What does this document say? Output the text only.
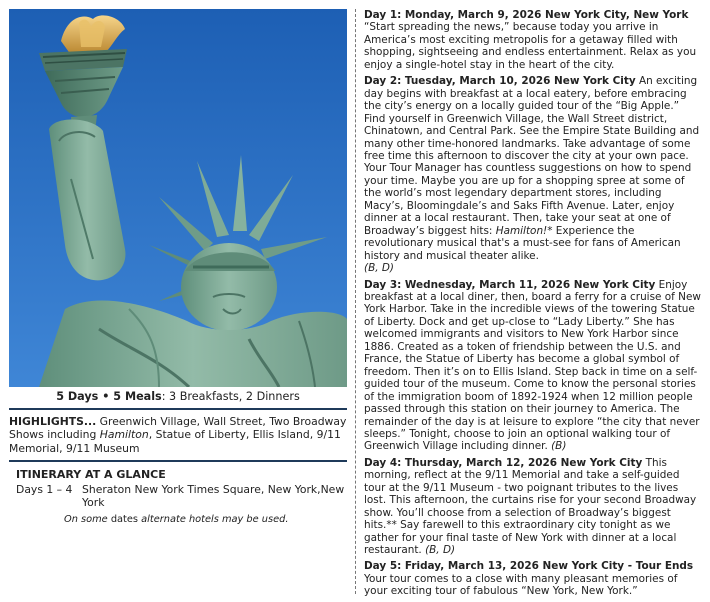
5 Days • 5 Meals: 3 Breakfasts, 2 Dinners
HIGHLIGHTS... Greenwich Village, Wall Street, Two Broadway Shows including Hamilton, Statue of Liberty, Ellis Island, 9/11 Memorial, 9/11 Museum
ITINERARY AT A GLANCE
Days 1 – 4 Sheraton New York Times Square, New York,New York
On some dates alternate hotels may be used.
Day 1: Monday, March 9, 2026 New York City, New York “Start spreading the news,” because today you arrive in America’s most exciting metropolis for a getaway filled with shopping, sightseeing and endless entertainment. Relax as you enjoy a single-hotel stay in the heart of the city.
Day 2: Tuesday, March 10, 2026 New York City An exciting day begins with breakfast at a local eatery, before embracing the city’s energy on a locally guided tour of the “Big Apple.” Find yourself in Greenwich Village, the Wall Street district, Chinatown, and Central Park. See the Empire State Building and many other time-honored landmarks. Take advantage of some free time this afternoon to discover the city at your own pace. Your Tour Manager has countless suggestions on how to spend your time. Maybe you are up for a shopping spree at some of the world’s most legendary department stores, including Macy’s, Bloomingdale’s and Saks Fifth Avenue. Later, enjoy dinner at a local restaurant. Then, take your seat at one of Broadway’s biggest hits: Hamilton!* Experience the revolutionary musical that's a must-see for fans of American history and musical theater alike.
(B, D)
Day 3: Wednesday, March 11, 2026 New York City Enjoy breakfast at a local diner, then, board a ferry for a cruise of New York Harbor. Take in the incredible views of the towering Statue of Liberty. Dock and get up-close to “Lady Liberty.” She has welcomed immigrants and visitors to New York Harbor since 1886. Created as a token of friendship between the U.S. and France, the Statue of Liberty has become a global symbol of freedom. Then it’s on to Ellis Island. Step back in time on a self-guided tour of the museum. Come to know the personal stories of the immigration boom of 1892-1924 when 12 million people passed through this station on their journey to America. The remainder of the day is at leisure to explore “the city that never sleeps.” Tonight, choose to join an optional walking tour of Greenwich Village including dinner. (B)
Day 4: Thursday, March 12, 2026 New York City This morning, reflect at the 9/11 Memorial and take a self-guided tour at the 9/11 Museum - two poignant tributes to the lives lost. This afternoon, the curtains rise for your second Broadway show. You’ll choose from a selection of Broadway’s biggest hits.** Say farewell to this extraordinary city tonight as we gather for your final taste of New York with dinner at a local restaurant. (B, D)
Day 5: Friday, March 13, 2026 New York City - Tour Ends Your tour comes to a close with many pleasant memories of your exciting tour of fabulous “New York, New York.”
